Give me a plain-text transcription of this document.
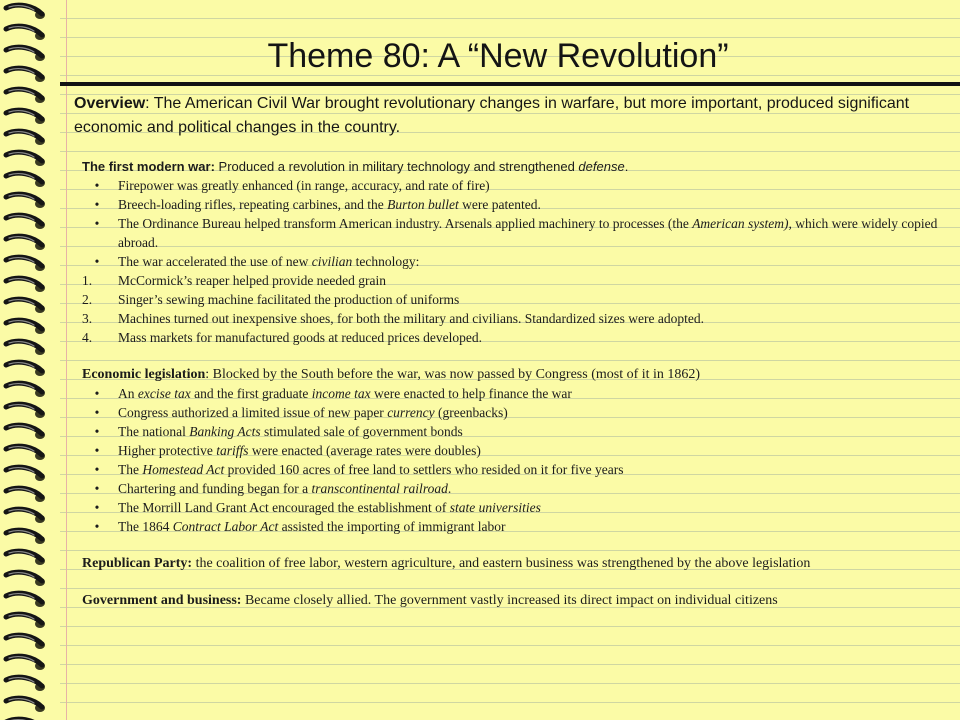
Theme 80: A “New Revolution”

Overview: The American Civil War brought revolutionary changes in warfare, but more important, produced significant economic and political changes in the country.

The first modern war: Produced a revolution in military technology and strengthened defense.

•	Firepower was greatly enhanced (in range, accuracy, and rate of fire)

•	Breech-loading rifles, repeating carbines, and the Burton bullet were patented.

•	The Ordinance Bureau helped transform American industry. Arsenals applied machinery to processes (the American system), which were widely copied abroad.

•	The war accelerated the use of new civilian technology:

1.	McCormick’s reaper helped provide needed grain

2.	Singer’s sewing machine facilitated the production of uniforms

3.	Machines turned out inexpensive shoes, for both the military and civilians. Standardized sizes were adopted.

4.	Mass markets for manufactured goods at reduced prices developed.

Economic legislation: Blocked by the South before the war, was now passed by Congress (most of it in 1862)

•	An excise tax and the first graduate income tax were enacted to help finance the war

•	Congress authorized a limited issue of new paper currency (greenbacks)

•	The national Banking Acts stimulated sale of government bonds

•	Higher protective tariffs were enacted (average rates were doubles)

•	The Homestead Act provided 160 acres of free land to settlers who resided on it for five years

•	Chartering and funding began for a transcontinental railroad.

•	The Morrill Land Grant Act encouraged the establishment of state universities

•	The 1864 Contract Labor Act assisted the importing of immigrant labor

Republican Party: the coalition of free labor, western agriculture, and eastern business was strengthened by the above legislation

Government and business: Became closely allied. The government vastly increased its direct impact on individual citizens
